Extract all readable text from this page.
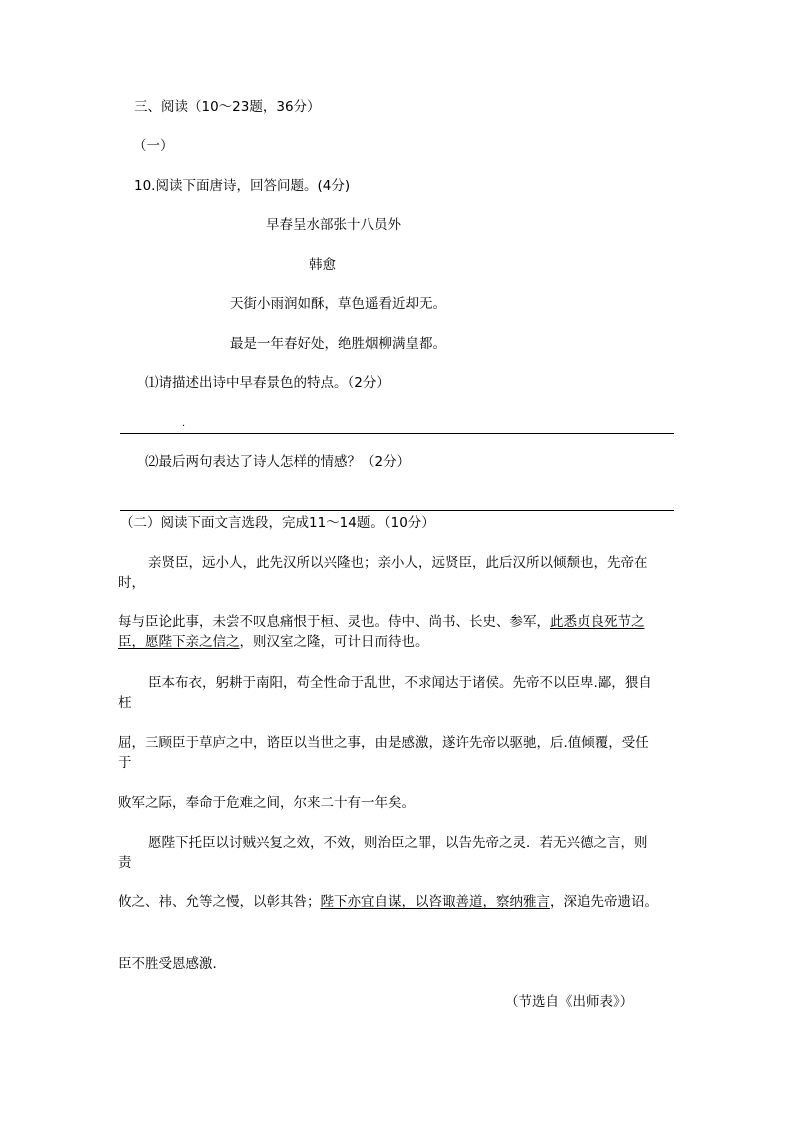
三、阅读（10～23题，36分）
（一）
10.阅读下面唐诗，回答问题。(4分)
早春呈水部张十八员外
韩愈
天街小雨润如酥，草色遥看近却无。
最是一年春好处，绝胜烟柳满皇都。
⑴请描述出诗中早春景色的特点。（2分）
.
⑵最后两句表达了诗人怎样的情感？（2分）
（二）阅读下面文言选段，完成11～14题。（10分）
亲贤臣，远小人，此先汉所以兴隆也；亲小人，远贤臣，此后汉所以倾颓也，先帝在
时，
每与臣论此事，未尝不叹息痛恨于桓、灵也。侍中、尚书、长史、参军，此悉贞良死节之
臣，愿陛下亲之信之，则汉室之隆，可计日而待也。
臣本布衣，躬耕于南阳，苟全性命于乱世，不求闻达于诸侯。先帝不以臣卑.鄙，猥自
枉
屈，三顾臣于草庐之中，谘臣以当世之事，由是感激，遂许先帝以驱驰，后.值倾覆，受任
于
败军之际，奉命于危难之间，尔来二十有一年矣。
愿陛下托臣以讨贼兴复之效，不效，则治臣之罪，以告先帝之灵．若无兴德之言，则
责
攸之、祎、允等之慢，以彰其咎；陛下亦宜自谋，以咨诹善道，察纳雅言，深追先帝遗诏。
臣不胜受恩感激．
（节选自《出师表》）
